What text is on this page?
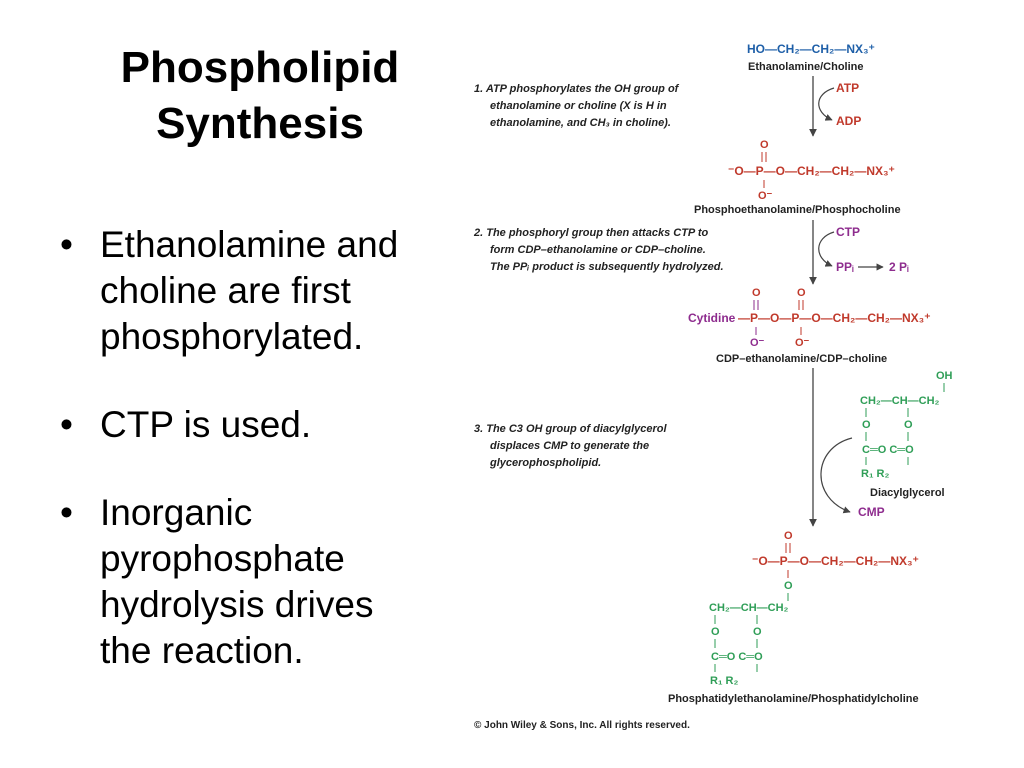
Phospholipid
Synthesis
• Ethanolamine and
choline are first
phosphorylated.
• CTP is used.
• Inorganic
pyrophosphate
hydrolysis drives
the reaction.
HO—CH₂—CH₂—NX₃⁺
Ethanolamine/Choline
1. ATP phosphorylates the OH group of ethanolamine or choline (X is H in ethanolamine, and CH₃ in choline).
ATP
ADP
O
⁻O—P—O—CH₂—CH₂—NX₃⁺
O⁻
Phosphoethanolamine/Phosphocholine
2. The phosphoryl group then attacks CTP to form CDP–ethanolamine or CDP–choline. The PPᵢ product is subsequently hydrolyzed.
CTP
PPᵢ	2 Pᵢ
O	O
Cytidine —P—O—P—O—CH₂—CH₂—NX₃⁺
O⁻	O⁻
CDP–ethanolamine/CDP–choline
OH
CH₂—CH—CH₂
O	O
C═O C═O
R₁ R₂
Diacylglycerol
3. The C3 OH group of diacylglycerol displaces CMP to generate the glycerophospholipid.
CMP
O
⁻O—P—O—CH₂—CH₂—NX₃⁺
O
CH₂—CH—CH₂
O	O
C═O C═O
R₁ R₂
Phosphatidylethanolamine/Phosphatidylcholine
© John Wiley & Sons, Inc. All rights reserved.
